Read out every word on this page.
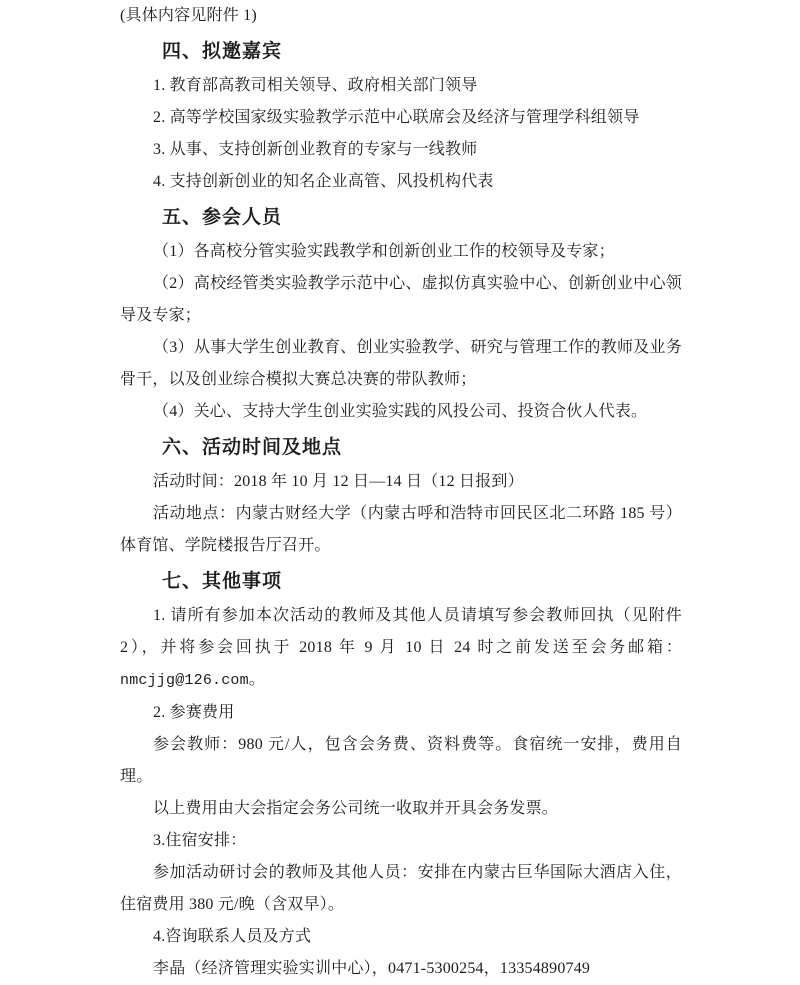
(具体内容见附件 1)

四、拟邀嘉宾

1. 教育部高教司相关领导、政府相关部门领导

2. 高等学校国家级实验教学示范中心联席会及经济与管理学科组领导

3. 从事、支持创新创业教育的专家与一线教师

4. 支持创新创业的知名企业高管、风投机构代表

五、参会人员

（1）各高校分管实验实践教学和创新创业工作的校领导及专家；

（2）高校经管类实验教学示范中心、虚拟仿真实验中心、创新创业中心领导及专家；

（3）从事大学生创业教育、创业实验教学、研究与管理工作的教师及业务骨干，以及创业综合模拟大赛总决赛的带队教师；

（4）关心、支持大学生创业实验实践的风投公司、投资合伙人代表。

六、活动时间及地点

活动时间：2018 年 10 月 12 日—14 日（12 日报到）

活动地点：内蒙古财经大学（内蒙古呼和浩特市回民区北二环路 185 号）体育馆、学院楼报告厅召开。

七、其他事项

1. 请所有参加本次活动的教师及其他人员请填写参会教师回执（见附件 2），并将参会回执于 2018 年 9 月 10 日 24 时之前发送至会务邮箱：nmcjjg@126.com。

2. 参赛费用

参会教师：980 元/人，包含会务费、资料费等。食宿统一安排，费用自理。

以上费用由大会指定会务公司统一收取并开具会务发票。

3.住宿安排：

参加活动研讨会的教师及其他人员：安排在内蒙古巨华国际大酒店入住，住宿费用 380 元/晚（含双早）。

4.咨询联系人员及方式

李晶（经济管理实验实训中心），0471-5300254，13354890749
